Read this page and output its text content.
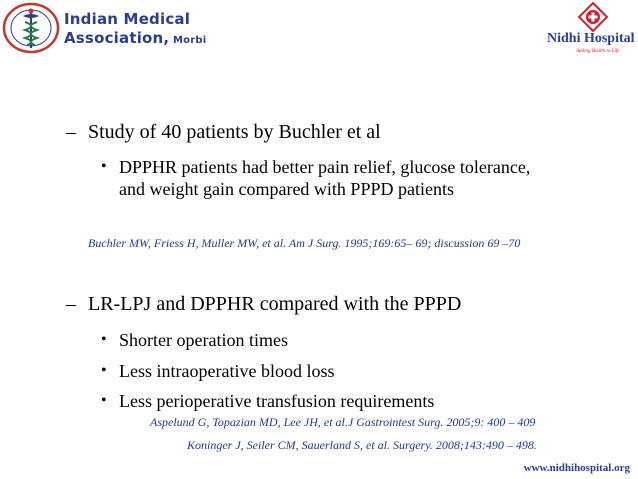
Indian Medical
Association, Morbi	Nidhi Hospital
Adding Health to Life
– Study of 40 patients by Buchler et al
• DPPHR patients had better pain relief, glucose tolerance, and weight gain compared with PPPD patients
Buchler MW, Friess H, Muller MW, et al. Am J Surg. 1995;169:65– 69; discussion 69 –70
– LR-LPJ and DPPHR compared with the PPPD
• Shorter operation times
• Less intraoperative blood loss
• Less perioperative transfusion requirements
Aspelund G, Topazian MD, Lee JH, et al.J Gastrointest Surg. 2005;9: 400 – 409
Koninger J, Seiler CM, Sauerland S, et al. Surgery. 2008;143:490 – 498.
www.nidhihospital.org
